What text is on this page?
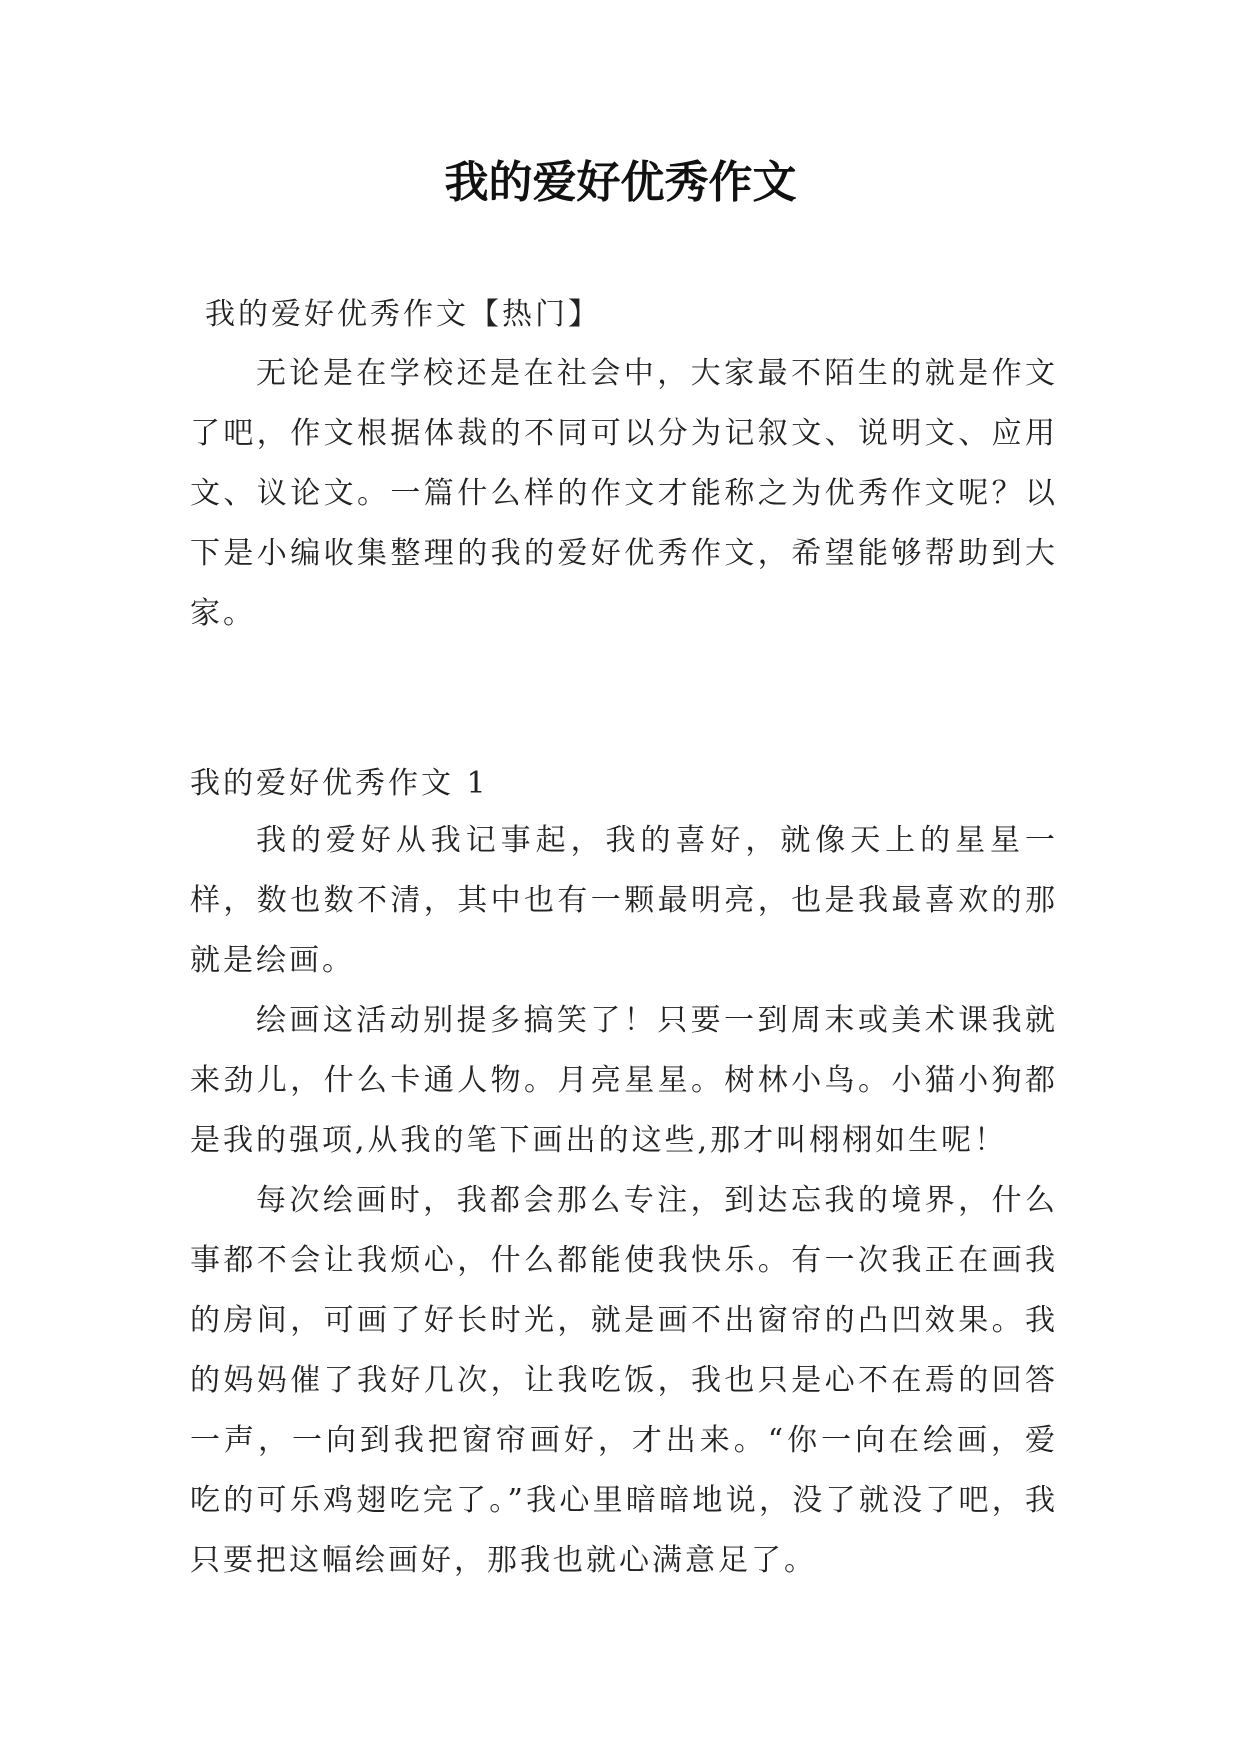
我的爱好优秀作文

我的爱好优秀作文【热门】

无论是在学校还是在社会中，大家最不陌生的就是作文了吧，作文根据体裁的不同可以分为记叙文、说明文、应用文、议论文。一篇什么样的作文才能称之为优秀作文呢？以下是小编收集整理的我的爱好优秀作文，希望能够帮助到大家。

我的爱好优秀作文 1

我的爱好从我记事起，我的喜好，就像天上的星星一样，数也数不清，其中也有一颗最明亮，也是我最喜欢的那就是绘画。

绘画这活动别提多搞笑了！只要一到周末或美术课我就来劲儿，什么卡通人物。月亮星星。树林小鸟。小猫小狗都是我的强项,从我的笔下画出的这些,那才叫栩栩如生呢！

每次绘画时，我都会那么专注，到达忘我的境界，什么事都不会让我烦心，什么都能使我快乐。有一次我正在画我的房间，可画了好长时光，就是画不出窗帘的凸凹效果。我的妈妈催了我好几次，让我吃饭，我也只是心不在焉的回答一声，一向到我把窗帘画好，才出来。“你一向在绘画，爱吃的可乐鸡翅吃完了。”我心里暗暗地说，没了就没了吧，我只要把这幅绘画好，那我也就心满意足了。
